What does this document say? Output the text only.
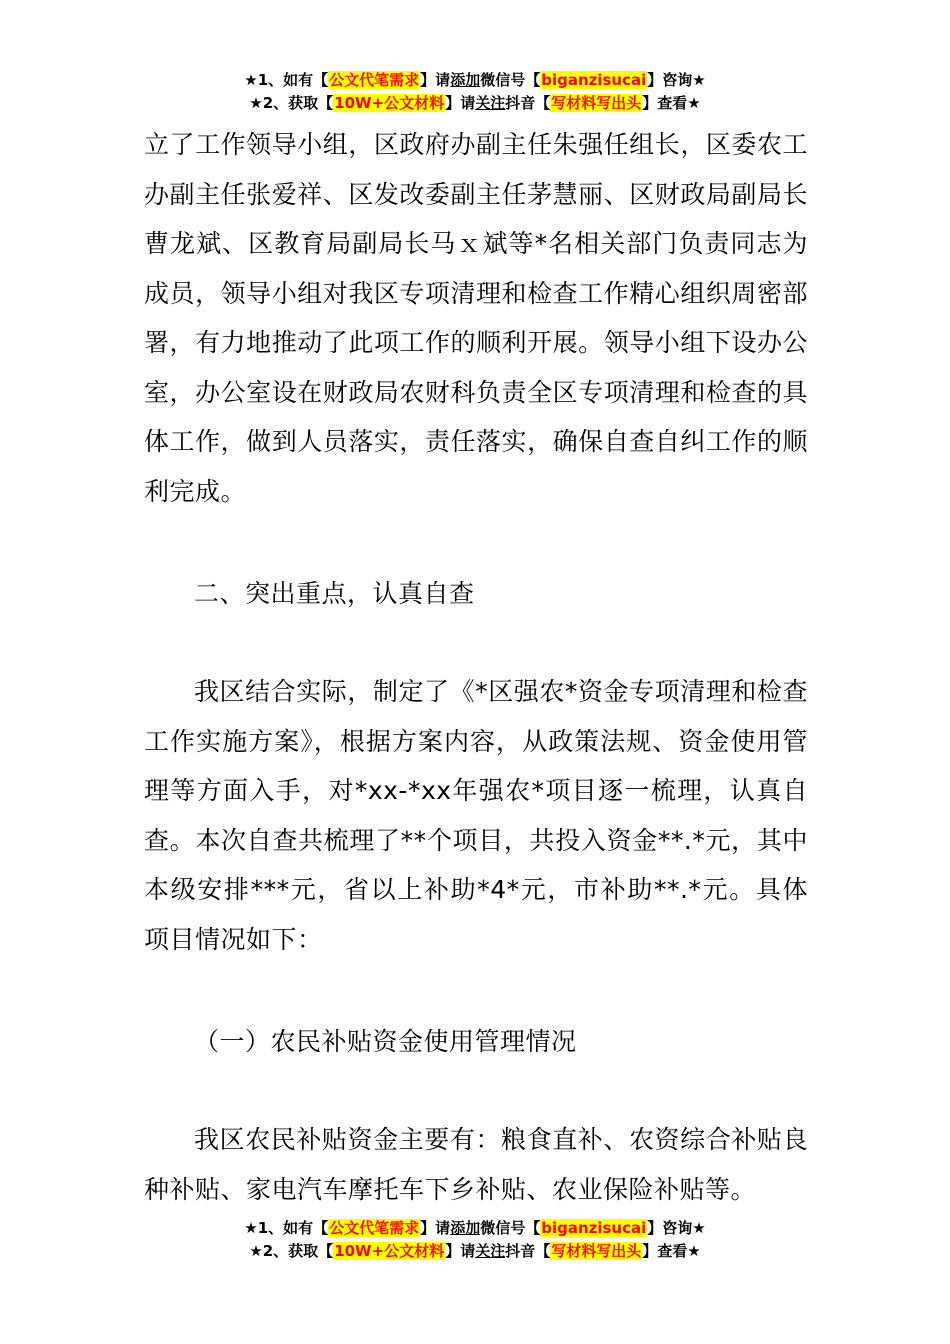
★1、如有【公文代笔需求】请添加微信号【biganzisucai】咨询★
★2、获取【10W+公文材料】请关注抖音【写材料写出头】查看★

立了工作领导小组，区政府办副主任朱强任组长，区委农工办副主任张爱祥、区发改委副主任茅慧丽、区财政局副局长曹龙斌、区教育局副局长马ｘ斌等*名相关部门负责同志为成员，领导小组对我区专项清理和检查工作精心组织周密部署，有力地推动了此项工作的顺利开展。领导小组下设办公室，办公室设在财政局农财科负责全区专项清理和检查的具体工作，做到人员落实，责任落实，确保自查自纠工作的顺利完成。

二、突出重点，认真自查

我区结合实际，制定了《*区强农*资金专项清理和检查工作实施方案》，根据方案内容，从政策法规、资金使用管理等方面入手，对*xx-*xx年强农*项目逐一梳理，认真自查。本次自查共梳理了**个项目，共投入资金**.*元，其中本级安排***元，省以上补助*4*元，市补助**.*元。具体项目情况如下：

（一）农民补贴资金使用管理情况

我区农民补贴资金主要有：粮食直补、农资综合补贴良种补贴、家电汽车摩托车下乡补贴、农业保险补贴等。

★1、如有【公文代笔需求】请添加微信号【biganzisucai】咨询★
★2、获取【10W+公文材料】请关注抖音【写材料写出头】查看★
